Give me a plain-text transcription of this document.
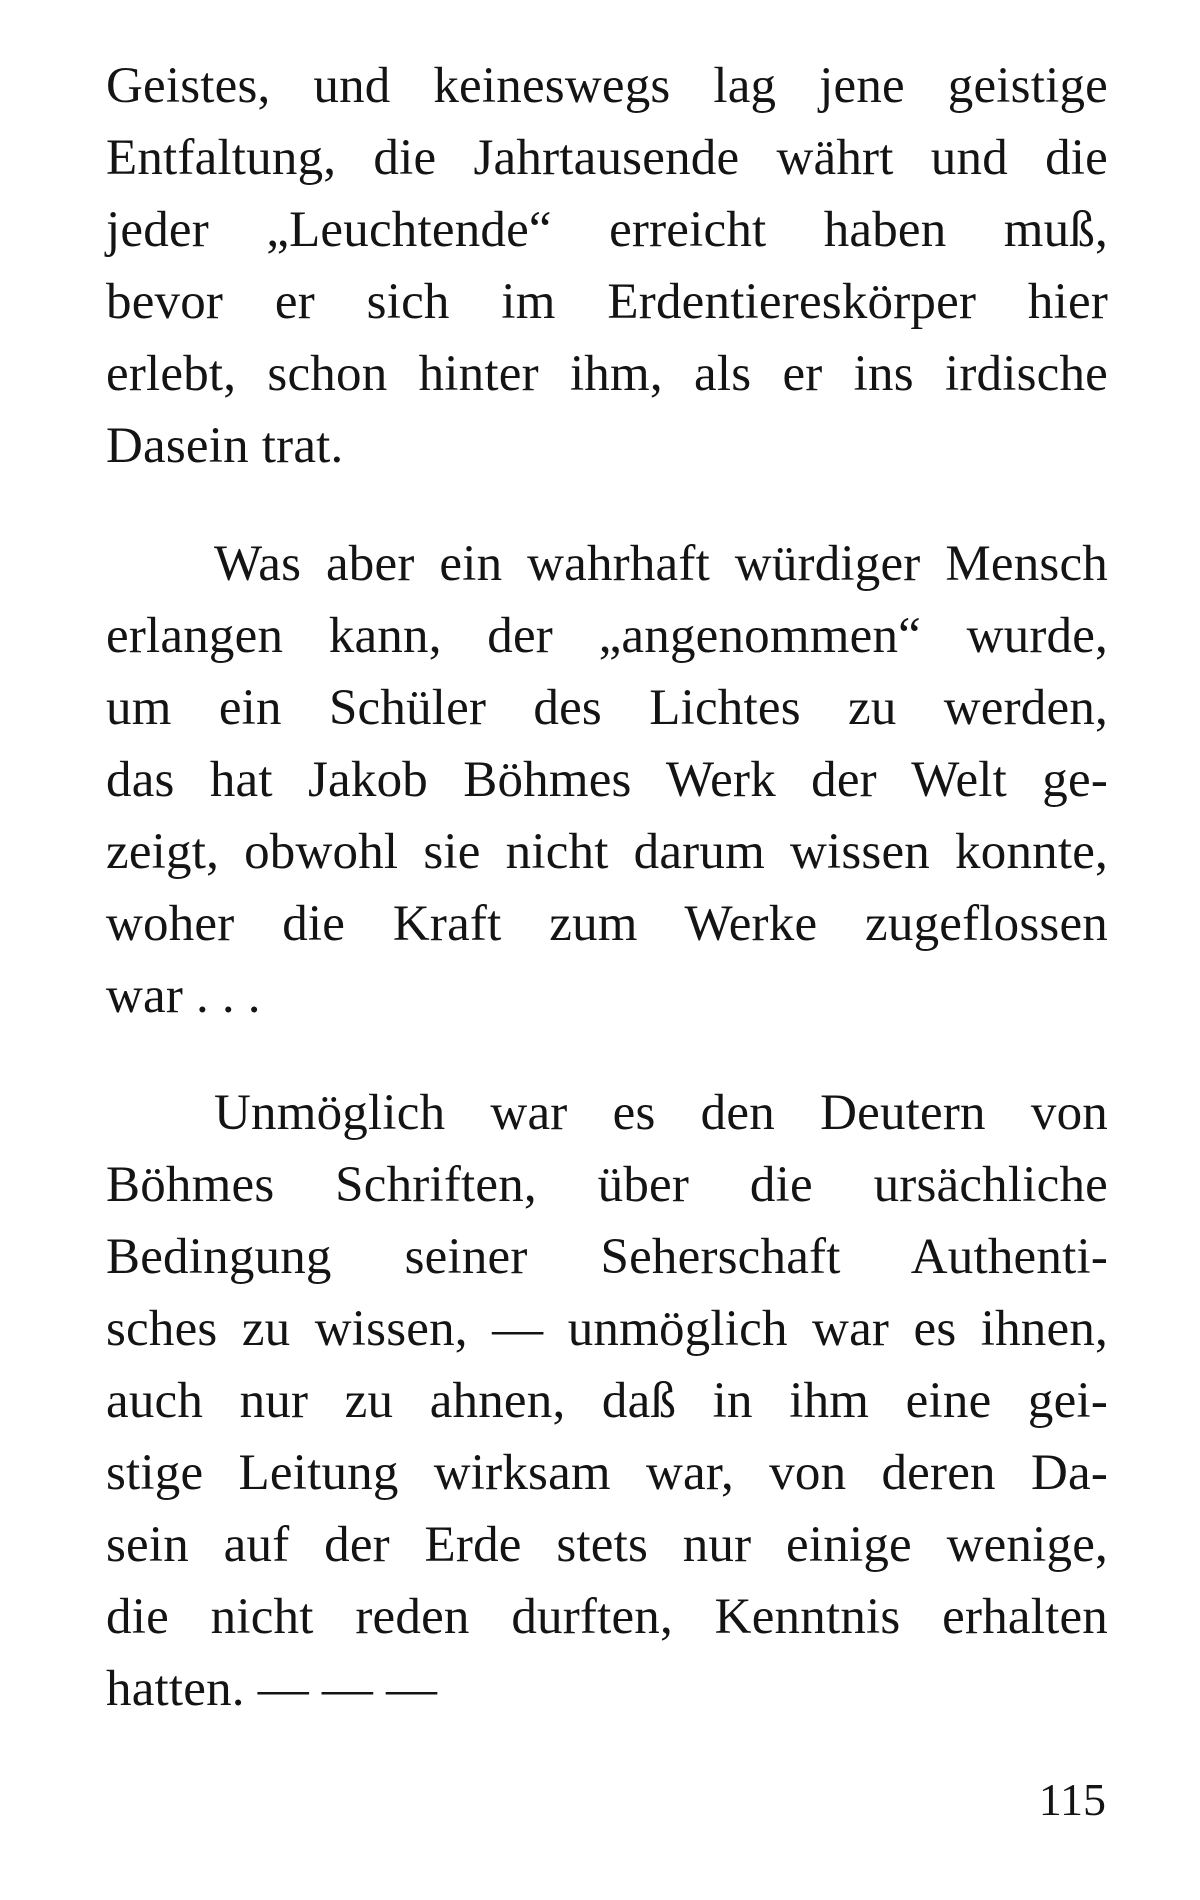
Geistes, und keineswegs lag jene geistige
Entfaltung, die Jahrtausende währt und die
jeder „Leuchtende“ erreicht haben muß,
bevor er sich im Erdentiereskörper hier
erlebt, schon hinter ihm, als er ins irdische
Dasein trat.
Was aber ein wahrhaft würdiger Mensch
erlangen kann, der „angenommen“ wurde,
um ein Schüler des Lichtes zu werden,
das hat Jakob Böhmes Werk der Welt ge-
zeigt, obwohl sie nicht darum wissen konnte,
woher die Kraft zum Werke zugeflossen
war . . .
Unmöglich war es den Deutern von
Böhmes Schriften, über die ursächliche
Bedingung seiner Seherschaft Authenti-
sches zu wissen, — unmöglich war es ihnen,
auch nur zu ahnen, daß in ihm eine gei-
stige Leitung wirksam war, von deren Da-
sein auf der Erde stets nur einige wenige,
die nicht reden durften, Kenntnis erhalten
hatten. — — —
115
